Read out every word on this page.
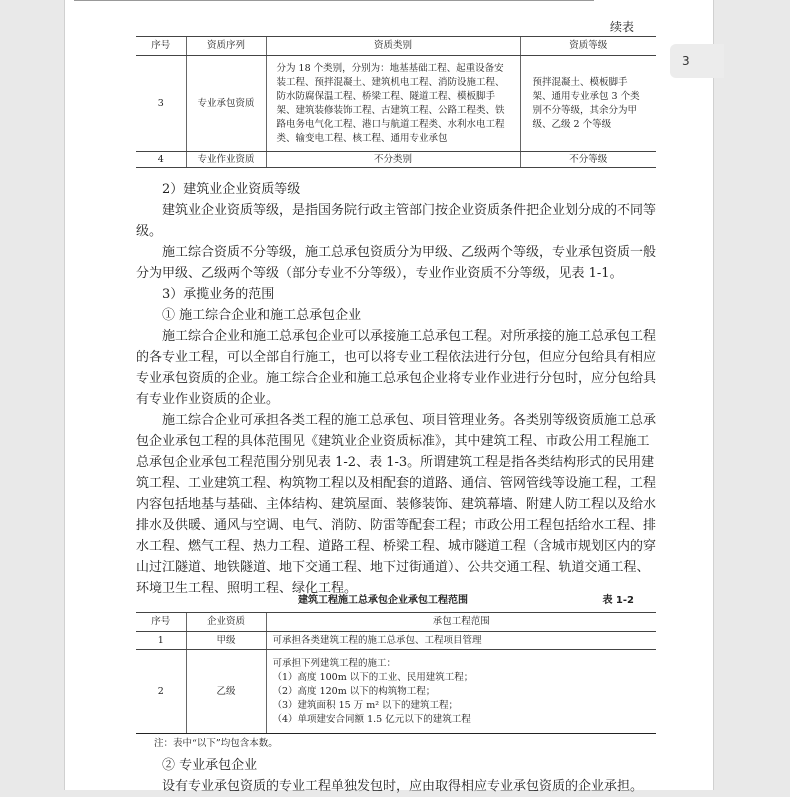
3
续表
序号	资质序列	资质类别	资质等级
3	专业承包资质	分为 18 个类别，分别为：地基基础工程、起重设备安装工程、预拌混凝土、建筑机电工程、消防设施工程、防水防腐保温工程、桥梁工程、隧道工程、模板脚手架、建筑装修装饰工程、古建筑工程、公路工程类、铁路电务电气化工程、港口与航道工程类、水利水电工程类、输变电工程、核工程、通用专业承包	预拌混凝土、模板脚手架、通用专业承包 3 个类别不分等级，其余分为甲级、乙级 2 个等级
4	专业作业资质	不分类别	不分等级

2）建筑业企业资质等级

建筑业企业资质等级，是指国务院行政主管部门按企业资质条件把企业划分成的不同等级。

施工综合资质不分等级，施工总承包资质分为甲级、乙级两个等级，专业承包资质一般分为甲级、乙级两个等级（部分专业不分等级），专业作业资质不分等级，见表 1-1。

3）承揽业务的范围

① 施工综合企业和施工总承包企业

施工综合企业和施工总承包企业可以承接施工总承包工程。对所承接的施工总承包工程的各专业工程，可以全部自行施工，也可以将专业工程依法进行分包，但应分包给具有相应专业承包资质的企业。施工综合企业和施工总承包企业将专业作业进行分包时，应分包给具有专业作业资质的企业。

施工综合企业可承担各类工程的施工总承包、项目管理业务。各类别等级资质施工总承包企业承包工程的具体范围见《建筑业企业资质标准》，其中建筑工程、市政公用工程施工总承包企业承包工程范围分别见表 1-2、表 1-3。所谓建筑工程是指各类结构形式的民用建筑工程、工业建筑工程、构筑物工程以及相配套的道路、通信、管网管线等设施工程，工程内容包括地基与基础、主体结构、建筑屋面、装修装饰、建筑幕墙、附建人防工程以及给水排水及供暖、通风与空调、电气、消防、防雷等配套工程；市政公用工程包括给水工程、排水工程、燃气工程、热力工程、道路工程、桥梁工程、城市隧道工程（含城市规划区内的穿山过江隧道、地铁隧道、地下交通工程、地下过街通道）、公共交通工程、轨道交通工程、环境卫生工程、照明工程、绿化工程。

建筑工程施工总承包企业承包工程范围	表 1-2
序号	企业资质	承包工程范围
1	甲级	可承担各类建筑工程的施工总承包、工程项目管理
2	乙级	可承担下列建筑工程的施工：
（1）高度 100m 以下的工业、民用建筑工程；
（2）高度 120m 以下的构筑物工程；
（3）建筑面积 15 万 m² 以下的建筑工程；
（4）单项建安合同额 1.5 亿元以下的建筑工程
注：表中“以下”均包含本数。

② 专业承包企业

设有专业承包资质的专业工程单独发包时，应由取得相应专业承包资质的企业承担。
